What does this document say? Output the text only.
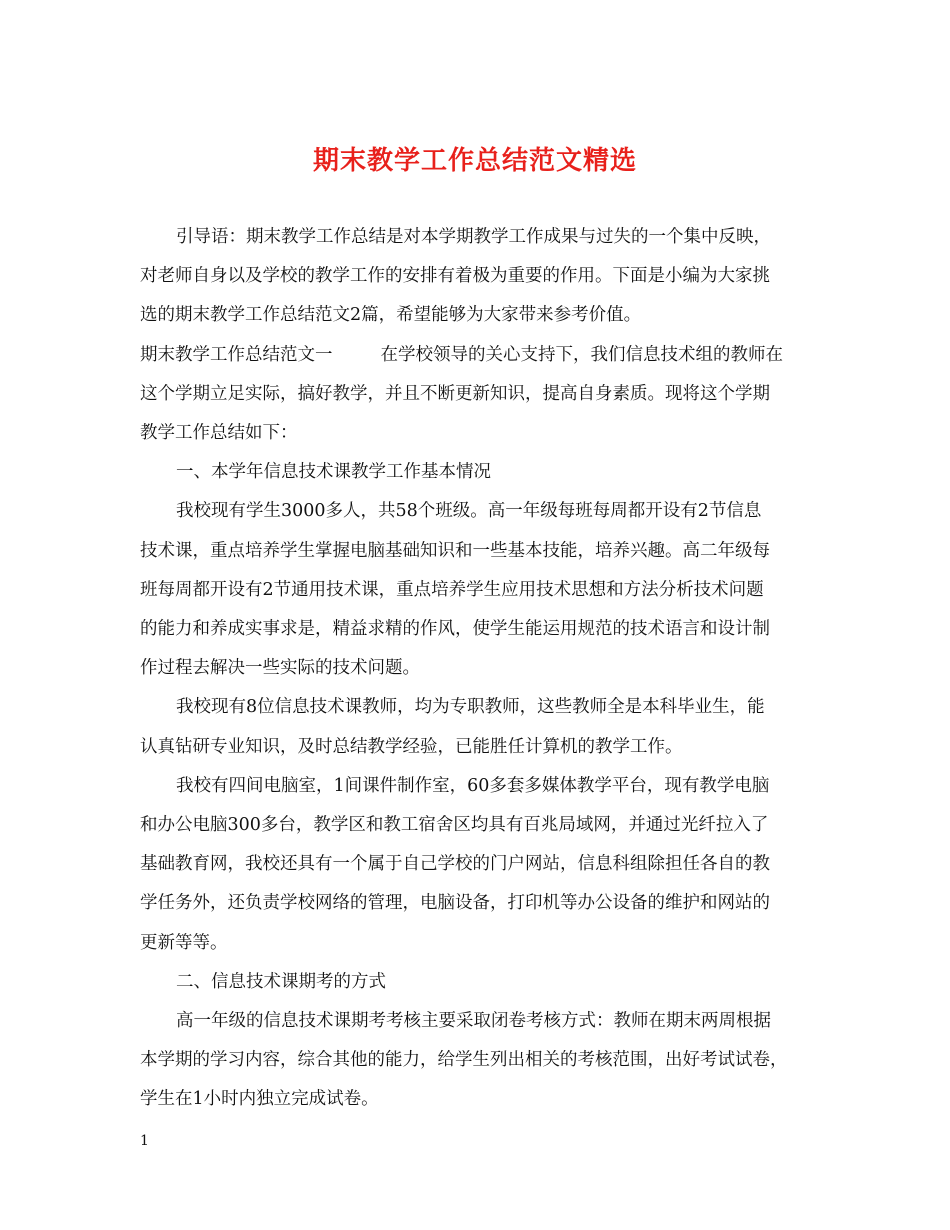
期末教学工作总结范文精选
引导语：期末教学工作总结是对本学期教学工作成果与过失的一个集中反映，
对老师自身以及学校的教学工作的安排有着极为重要的作用。下面是小编为大家挑
选的期末教学工作总结范文2篇，希望能够为大家带来参考价值。
期末教学工作总结范文一	在学校领导的关心支持下，我们信息技术组的教师在
这个学期立足实际，搞好教学，并且不断更新知识，提高自身素质。现将这个学期
教学工作总结如下：
一、本学年信息技术课教学工作基本情况
我校现有学生3000多人，共58个班级。高一年级每班每周都开设有2节信息
技术课，重点培养学生掌握电脑基础知识和一些基本技能，培养兴趣。高二年级每
班每周都开设有2节通用技术课，重点培养学生应用技术思想和方法分析技术问题
的能力和养成实事求是，精益求精的作风，使学生能运用规范的技术语言和设计制
作过程去解决一些实际的技术问题。
我校现有8位信息技术课教师，均为专职教师，这些教师全是本科毕业生，能
认真钻研专业知识，及时总结教学经验，已能胜任计算机的教学工作。
我校有四间电脑室，1间课件制作室，60多套多媒体教学平台，现有教学电脑
和办公电脑300多台，教学区和教工宿舍区均具有百兆局域网，并通过光纤拉入了
基础教育网，我校还具有一个属于自己学校的门户网站，信息科组除担任各自的教
学任务外，还负责学校网络的管理，电脑设备，打印机等办公设备的维护和网站的
更新等等。
二、信息技术课期考的方式
高一年级的信息技术课期考考核主要采取闭卷考核方式：教师在期末两周根据
本学期的学习内容，综合其他的能力，给学生列出相关的考核范围，出好考试试卷，
学生在1小时内独立完成试卷。
1
